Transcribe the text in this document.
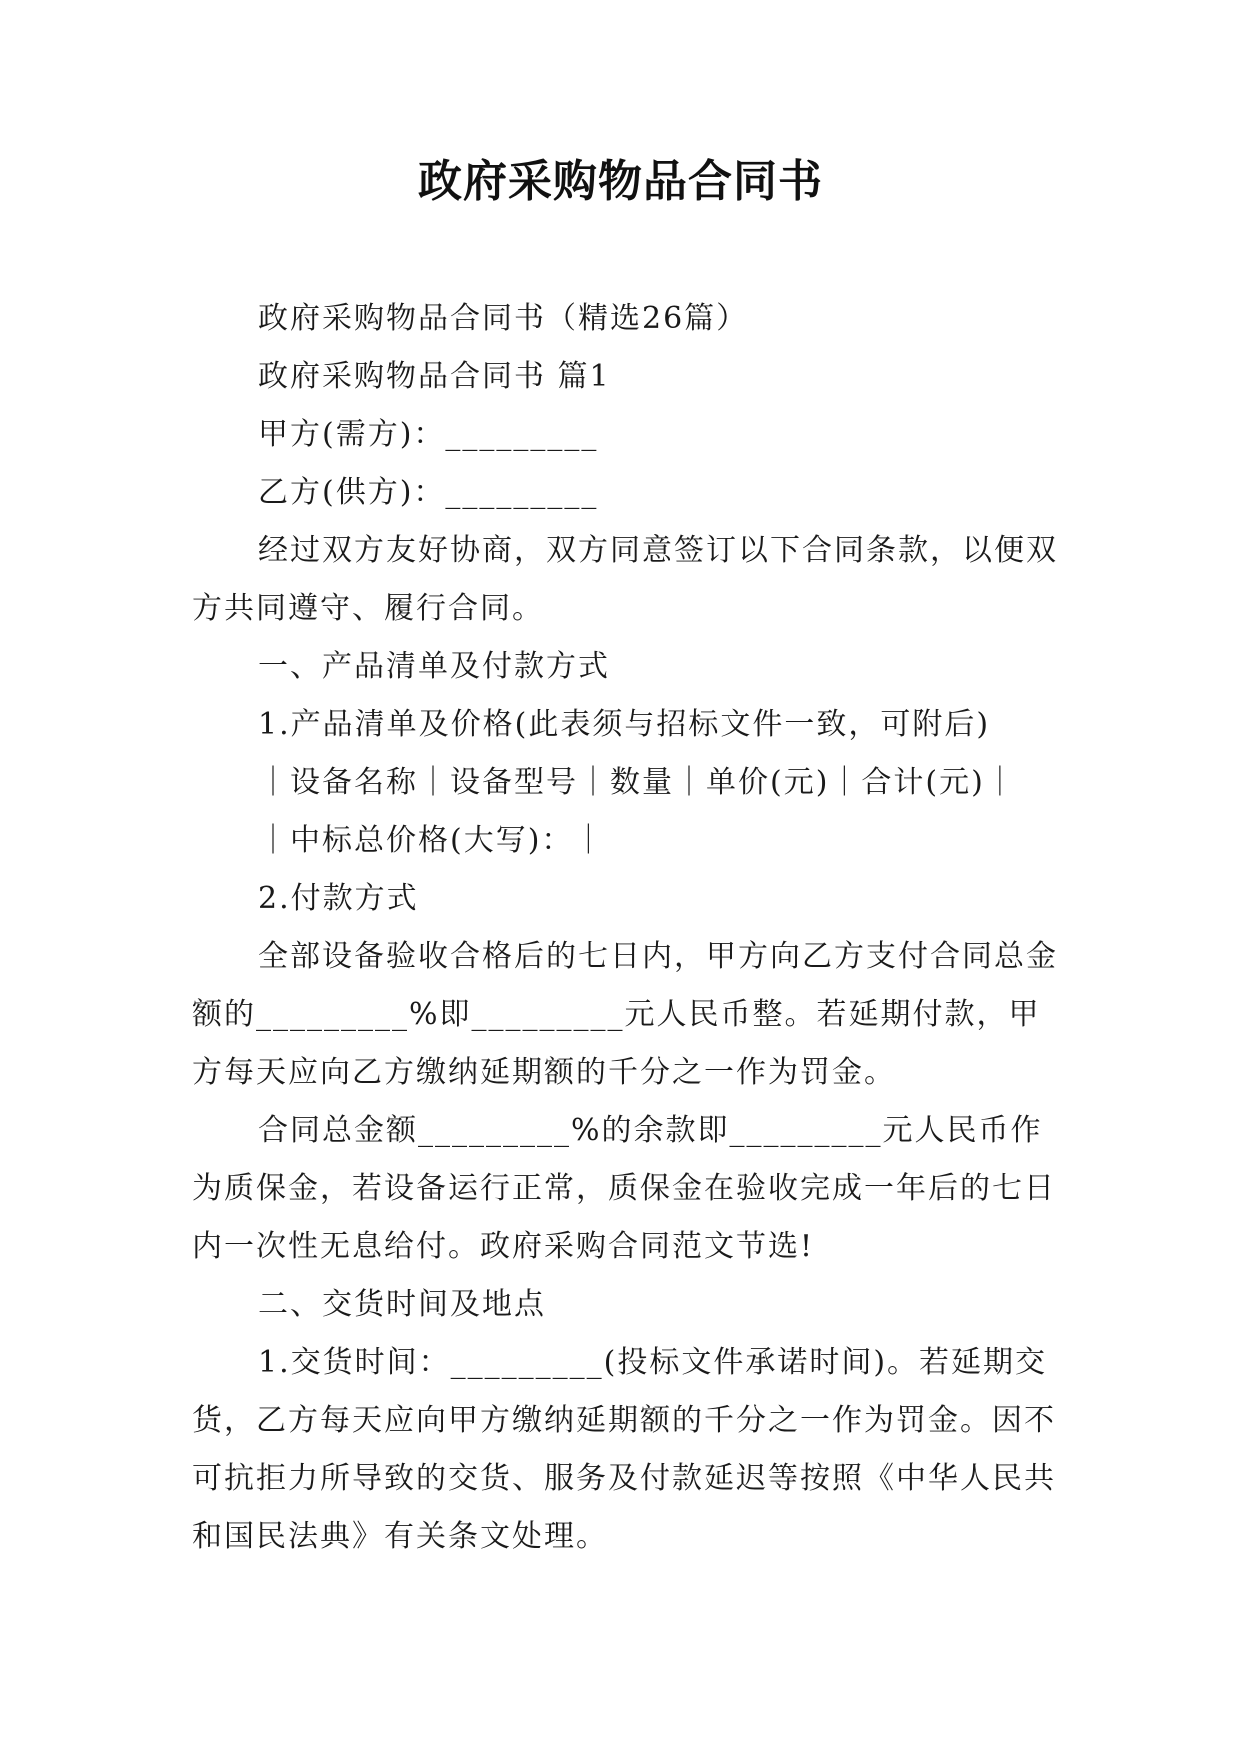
政府采购物品合同书

政府采购物品合同书（精选26篇）

政府采购物品合同书 篇1

甲方(需方)：_________

乙方(供方)：_________

经过双方友好协商，双方同意签订以下合同条款，以便双方共同遵守、履行合同。

一、产品清单及付款方式

1.产品清单及价格(此表须与招标文件一致，可附后)

｜设备名称｜设备型号｜数量｜单价(元)｜合计(元)｜

｜中标总价格(大写)：｜

2.付款方式

全部设备验收合格后的七日内，甲方向乙方支付合同总金额的_________%即_________元人民币整。若延期付款，甲方每天应向乙方缴纳延期额的千分之一作为罚金。

合同总金额_________%的余款即_________元人民币作为质保金，若设备运行正常，质保金在验收完成一年后的七日内一次性无息给付。政府采购合同范文节选!

二、交货时间及地点

1.交货时间：_________(投标文件承诺时间)。若延期交货，乙方每天应向甲方缴纳延期额的千分之一作为罚金。因不可抗拒力所导致的交货、服务及付款延迟等按照《中华人民共和国民法典》有关条文处理。
